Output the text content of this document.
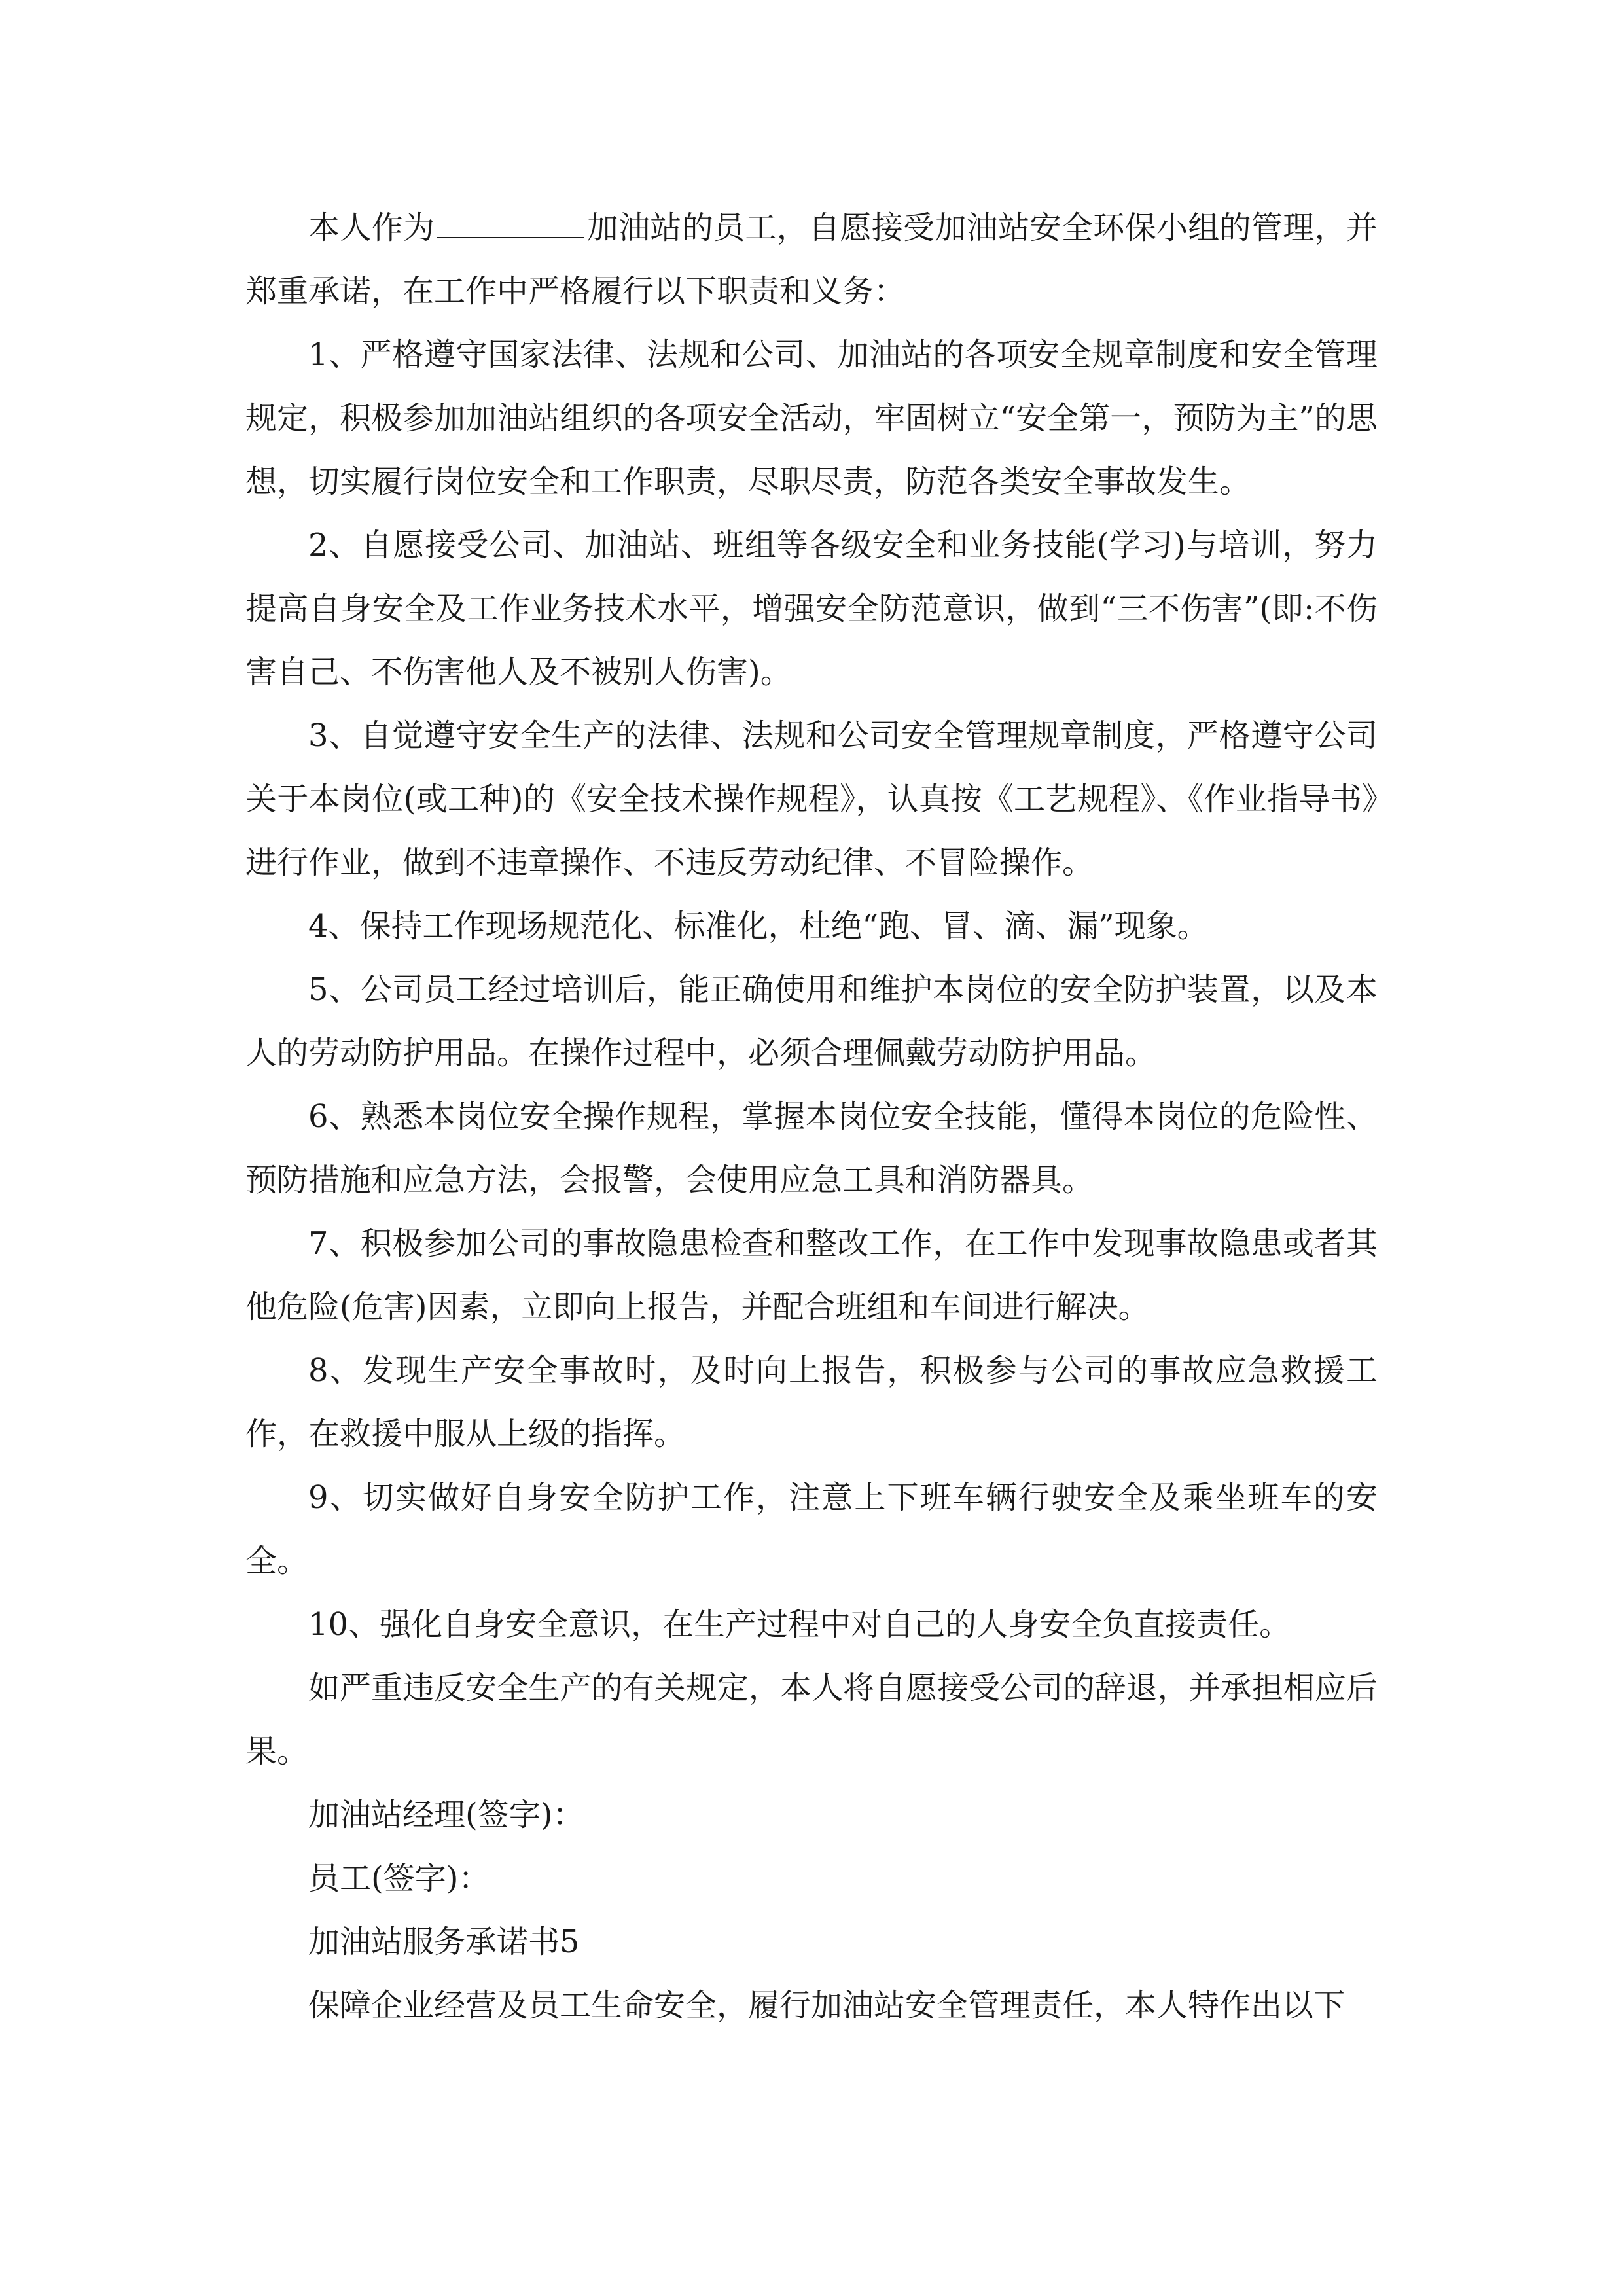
本人作为	加油站的员工，自愿接受加油站安全环保小组的管理，并郑重承诺，在工作中严格履行以下职责和义务：

1、严格遵守国家法律、法规和公司、加油站的各项安全规章制度和安全管理规定，积极参加加油站组织的各项安全活动，牢固树立“安全第一，预防为主”的思想，切实履行岗位安全和工作职责，尽职尽责，防范各类安全事故发生。

2、自愿接受公司、加油站、班组等各级安全和业务技能(学习)与培训，努力提高自身安全及工作业务技术水平，增强安全防范意识，做到“三不伤害”(即:不伤害自己、不伤害他人及不被别人伤害)。

3、自觉遵守安全生产的法律、法规和公司安全管理规章制度，严格遵守公司关于本岗位(或工种)的《安全技术操作规程》，认真按《工艺规程》、《作业指导书》进行作业，做到不违章操作、不违反劳动纪律、不冒险操作。

4、保持工作现场规范化、标准化，杜绝“跑、冒、滴、漏”现象。

5、公司员工经过培训后，能正确使用和维护本岗位的安全防护装置，以及本人的劳动防护用品。在操作过程中，必须合理佩戴劳动防护用品。

6、熟悉本岗位安全操作规程，掌握本岗位安全技能，懂得本岗位的危险性、预防措施和应急方法，会报警，会使用应急工具和消防器具。

7、积极参加公司的事故隐患检查和整改工作，在工作中发现事故隐患或者其他危险(危害)因素，立即向上报告，并配合班组和车间进行解决。

8、发现生产安全事故时，及时向上报告，积极参与公司的事故应急救援工作，在救援中服从上级的指挥。

9、切实做好自身安全防护工作，注意上下班车辆行驶安全及乘坐班车的安全。

10、强化自身安全意识，在生产过程中对自己的人身安全负直接责任。

如严重违反安全生产的有关规定，本人将自愿接受公司的辞退，并承担相应后果。

加油站经理(签字)：

员工(签字)：

加油站服务承诺书5

保障企业经营及员工生命安全，履行加油站安全管理责任，本人特作出以下
